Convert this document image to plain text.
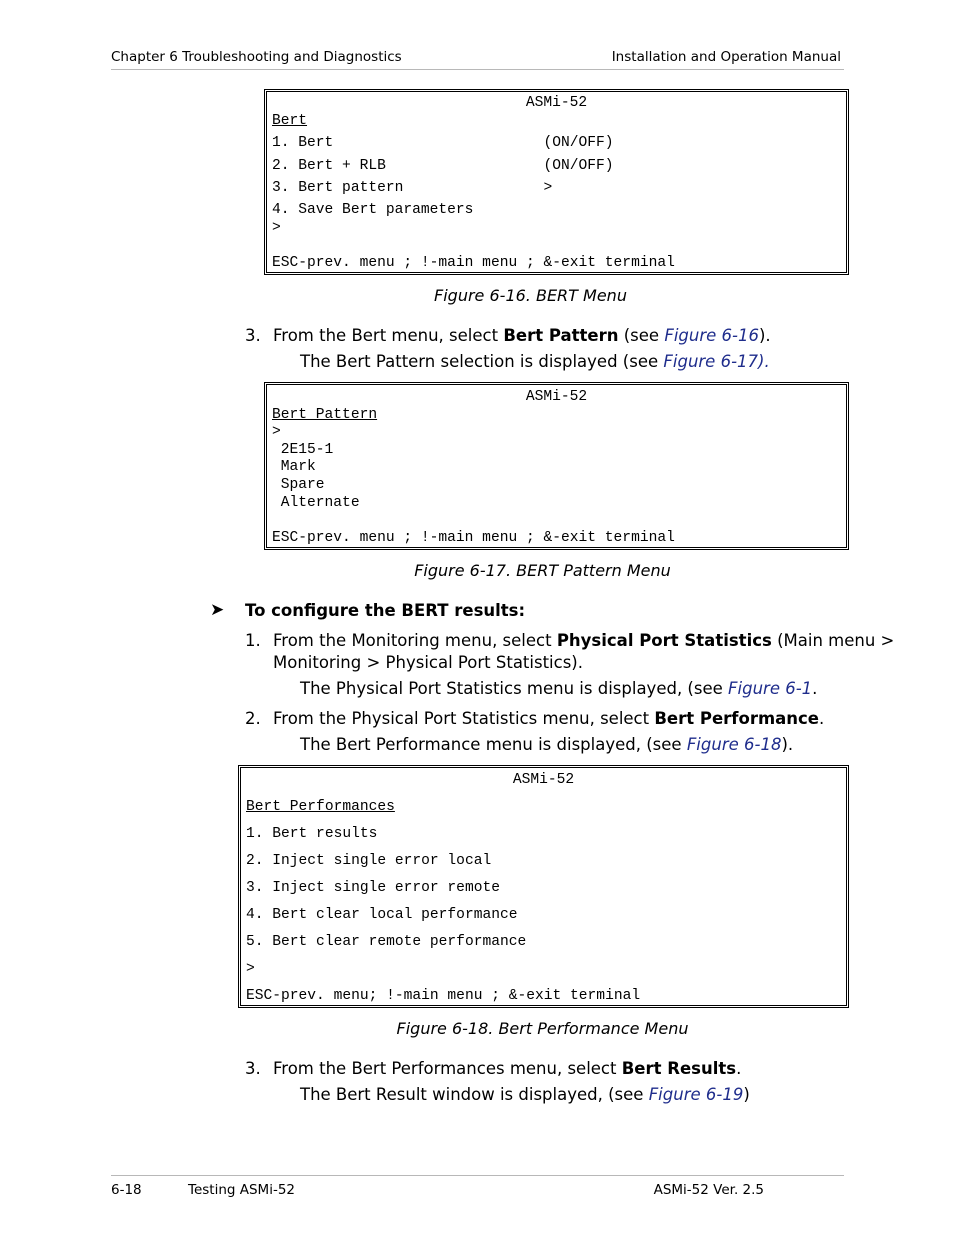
Chapter 6 Troubleshooting and Diagnostics	Installation and Operation Manual
ASMi-52
Bert
1. Bert                        (ON/OFF)
2. Bert + RLB                  (ON/OFF)
3. Bert pattern                >
4. Save Bert parameters
>
ESC-prev. menu ; !-main menu ; &-exit terminal
Figure 6-16. BERT Menu
3. From the Bert menu, select Bert Pattern (see Figure 6-16).
The Bert Pattern selection is displayed (see Figure 6-17).
ASMi-52
Bert Pattern
>
2E15-1
Mark
Spare
Alternate
ESC-prev. menu ; !-main menu ; &-exit terminal
Figure 6-17. BERT Pattern Menu
➤ To configure the BERT results:
1. From the Monitoring menu, select Physical Port Statistics (Main menu >
Monitoring > Physical Port Statistics).
The Physical Port Statistics menu is displayed, (see Figure 6-1.
2. From the Physical Port Statistics menu, select Bert Performance.
The Bert Performance menu is displayed, (see Figure 6-18).
ASMi-52
Bert Performances
1. Bert results
2. Inject single error local
3. Inject single error remote
4. Bert clear local performance
5. Bert clear remote performance
>
ESC-prev. menu; !-main menu ; &-exit terminal
Figure 6-18. Bert Performance Menu
3. From the Bert Performances menu, select Bert Results.
The Bert Result window is displayed, (see Figure 6-19)
6-18	Testing ASMi-52	ASMi-52 Ver. 2.5
